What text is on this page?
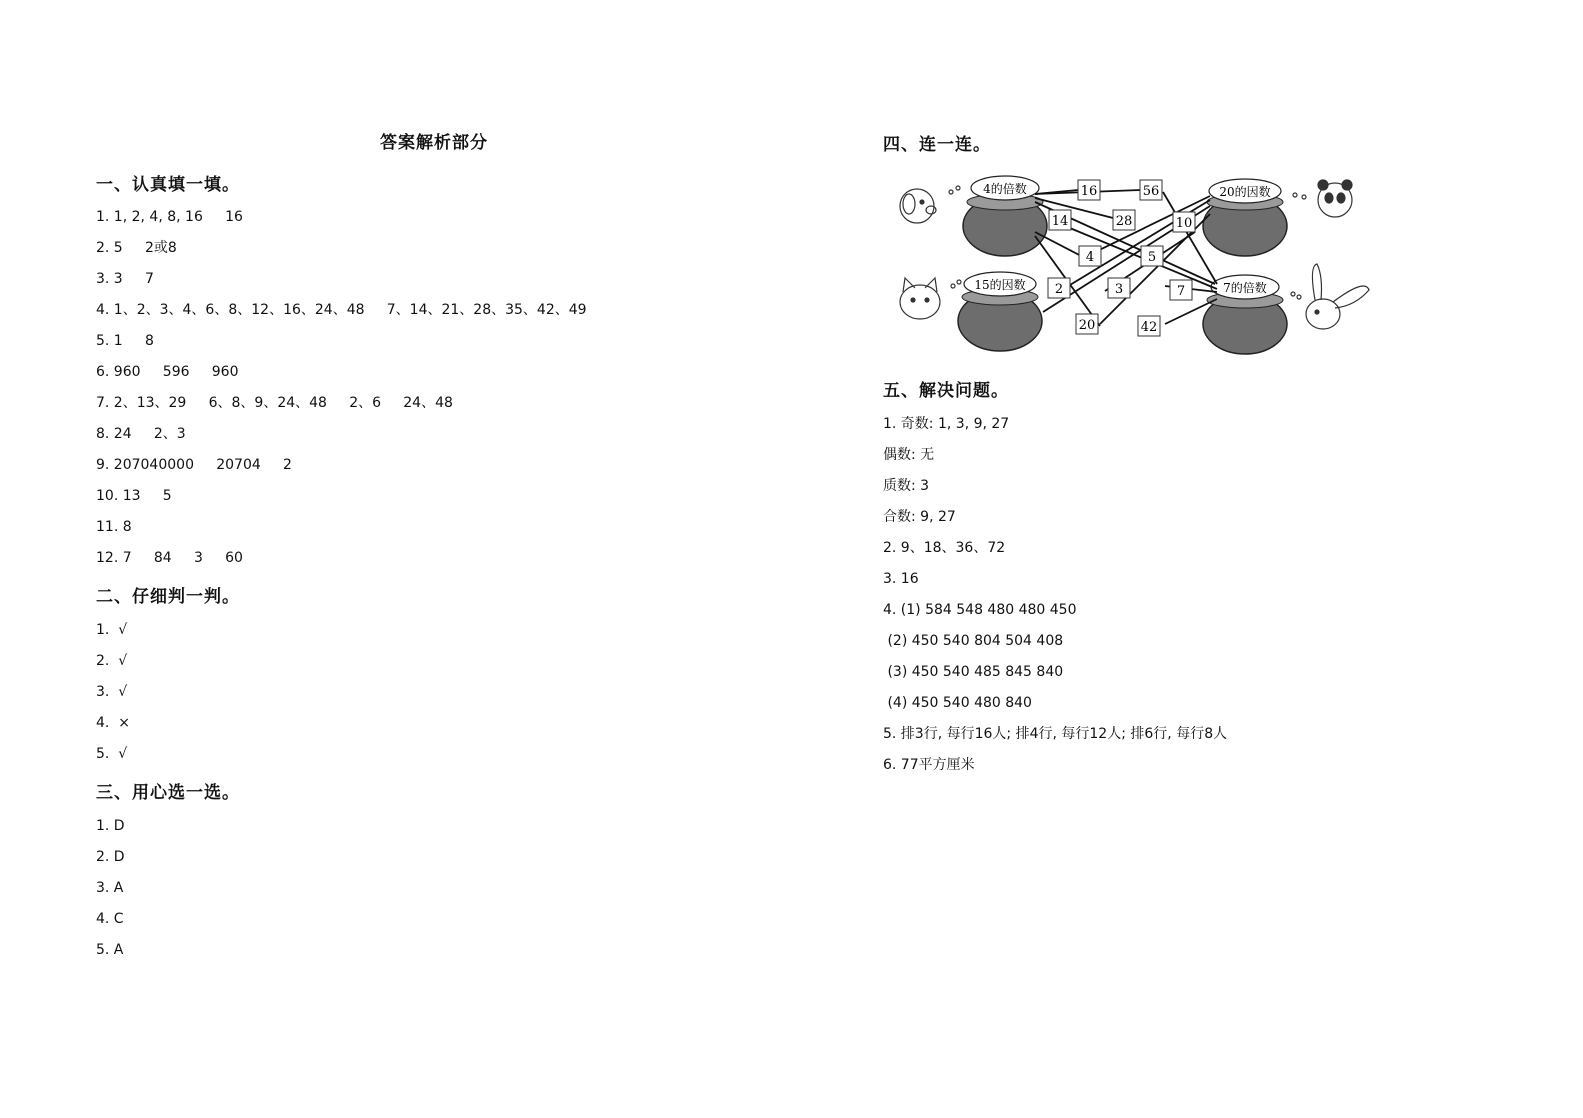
答案解析部分
一、认真填一填。
1. 1, 2, 4, 8, 16     16
2. 5     2或8
3. 3     7
4. 1、2、3、4、6、8、12、16、24、48     7、14、21、28、35、42、49
5. 1     8
6. 960     596     960
7. 2、13、29     6、8、9、24、48     2、6     24、48
8. 24     2、3
9. 207040000     20704     2
10. 13     5
11. 8
12. 7     84     3     60
二、仔细判一判。
1.  √
2.  √
3.  √
4.  ×
5.  √
三、用心选一选。
1. D
2. D
3. A
4. C
5. A
四、连一连。
4的倍数	20的因数
15的因数	7的倍数
16	56
14	28	10
4	5
2	3	7
20	42
五、解决问题。
1. 奇数: 1, 3, 9, 27
偶数: 无
质数: 3
合数: 9, 27
2. 9、18、36、72
3. 16
4. (1) 584 548 480 480 450
(2) 450 540 804 504 408
(3) 450 540 485 845 840
(4) 450 540 480 840
5. 排3行, 每行16人; 排4行, 每行12人; 排6行, 每行8人
6. 77平方厘米
